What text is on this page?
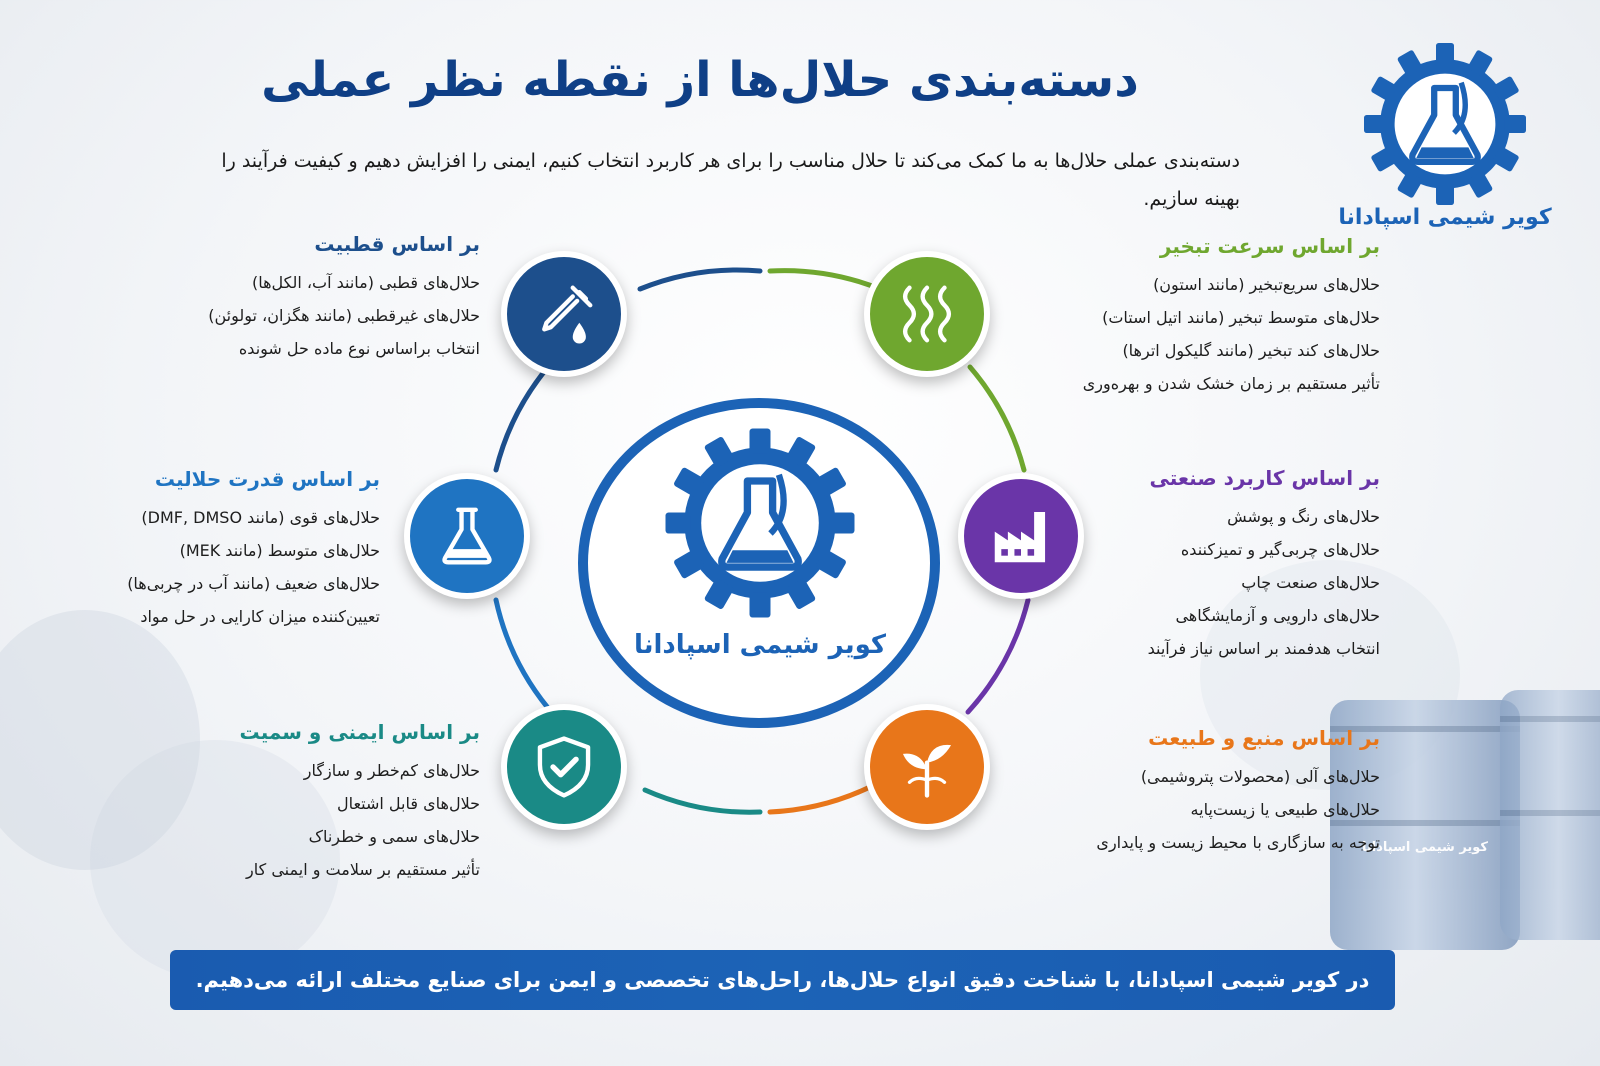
کویر شیمی اسپادانا
دسته‌بندی حلال‌ها از نقطه نظر عملی

دسته‌بندی عملی حلال‌ها به ما کمک می‌کند تا حلال مناسب را برای هر کاربرد انتخاب کنیم، ایمنی را افزایش دهیم و کیفیت فرآیند را بهینه سازیم.

کویر شیمی اسپادانا
کویر شیمی اسپادانا
بر اساس قطبیت
حلال‌های قطبی (مانند آب، الکل‌ها)
حلال‌های غیرقطبی (مانند هگزان، تولوئن)
انتخاب براساس نوع ماده حل شونده
بر اساس سرعت تبخیر
حلال‌های سریع‌تبخیر (مانند استون)
حلال‌های متوسط تبخیر (مانند اتیل استات)
حلال‌های کند تبخیر (مانند گلیکول اترها)
تأثیر مستقیم بر زمان خشک شدن و بهره‌وری
بر اساس قدرت حلالیت
حلال‌های قوی (مانند DMF, DMSO)
حلال‌های متوسط (مانند MEK)
حلال‌های ضعیف (مانند آب در چربی‌ها)
تعیین‌کننده میزان کارایی در حل مواد
بر اساس کاربرد صنعتی
حلال‌های رنگ و پوشش
حلال‌های چربی‌گیر و تمیزکننده
حلال‌های صنعت چاپ
حلال‌های دارویی و آزمایشگاهی
انتخاب هدفمند بر اساس نیاز فرآیند
بر اساس ایمنی و سمیت
حلال‌های کم‌خطر و سازگار
حلال‌های قابل اشتعال
حلال‌های سمی و خطرناک
تأثیر مستقیم بر سلامت و ایمنی کار
بر اساس منبع و طبیعت
حلال‌های آلی (محصولات پتروشیمی)
حلال‌های طبیعی یا زیست‌پایه
توجه به سازگاری با محیط زیست و پایداری
در کویر شیمی اسپادانا، با شناخت دقیق انواع حلال‌ها، راحل‌های تخصصی و ایمن برای صنایع مختلف ارائه می‌دهیم.
